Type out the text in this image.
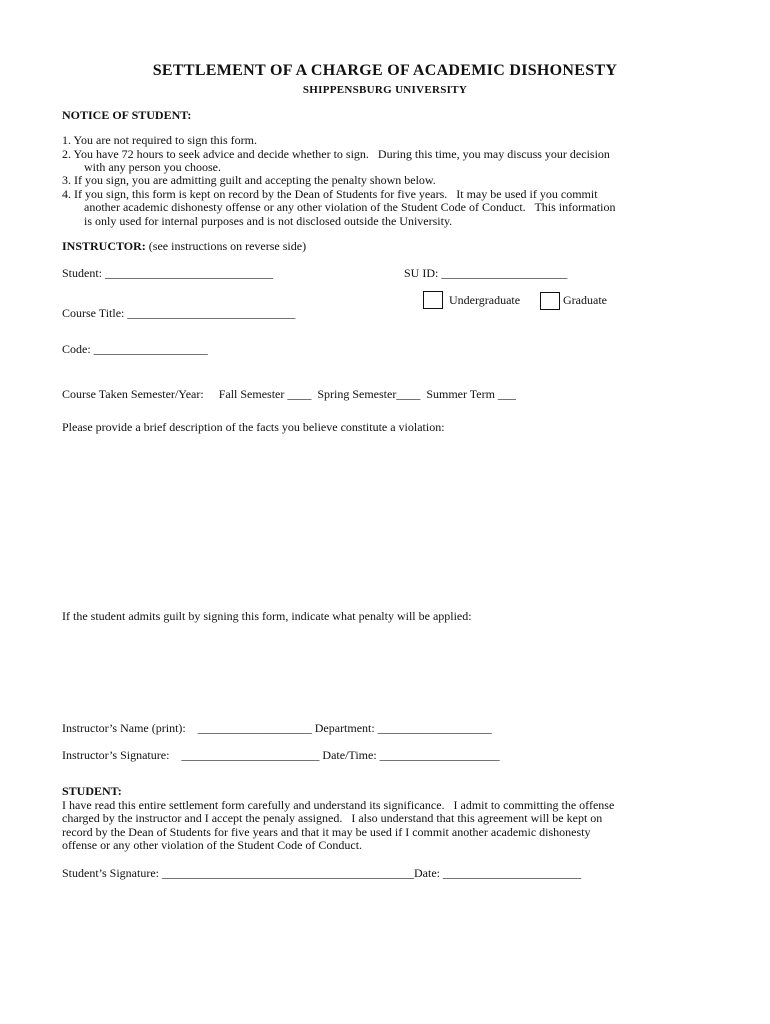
SETTLEMENT OF A CHARGE OF ACADEMIC DISHONESTY
SHIPPENSBURG UNIVERSITY
NOTICE OF STUDENT:
1. You are not required to sign this form.
2. You have 72 hours to seek advice and decide whether to sign.   During this time, you may discuss your decision
with any person you choose.
3. If you sign, you are admitting guilt and accepting the penalty shown below.
4. If you sign, this form is kept on record by the Dean of Students for five years.   It may be used if you commit
another academic dishonesty offense or any other violation of the Student Code of Conduct.   This information
is only used for internal purposes and is not disclosed outside the University.
INSTRUCTOR: (see instructions on reverse side)
Student: ____________________________	SU ID: _____________________
Undergraduate	Graduate
Course Title: ____________________________
Code: ___________________
Course Taken Semester/Year:     Fall Semester ____  Spring Semester____  Summer Term ___
Please provide a brief description of the facts you believe constitute a violation:
If the student admits guilt by signing this form, indicate what penalty will be applied:
Instructor’s Name (print):    ___________________ Department: ___________________
Instructor’s Signature:    _______________________ Date/Time: ____________________
STUDENT:
I have read this entire settlement form carefully and understand its significance.   I admit to committing the offense
charged by the instructor and I accept the penaly assigned.   I also understand that this agreement will be kept on
record by the Dean of Students for five years and that it may be used if I commit another academic dishonesty
offense or any other violation of the Student Code of Conduct.
Student’s Signature: __________________________________________Date: _______________________
